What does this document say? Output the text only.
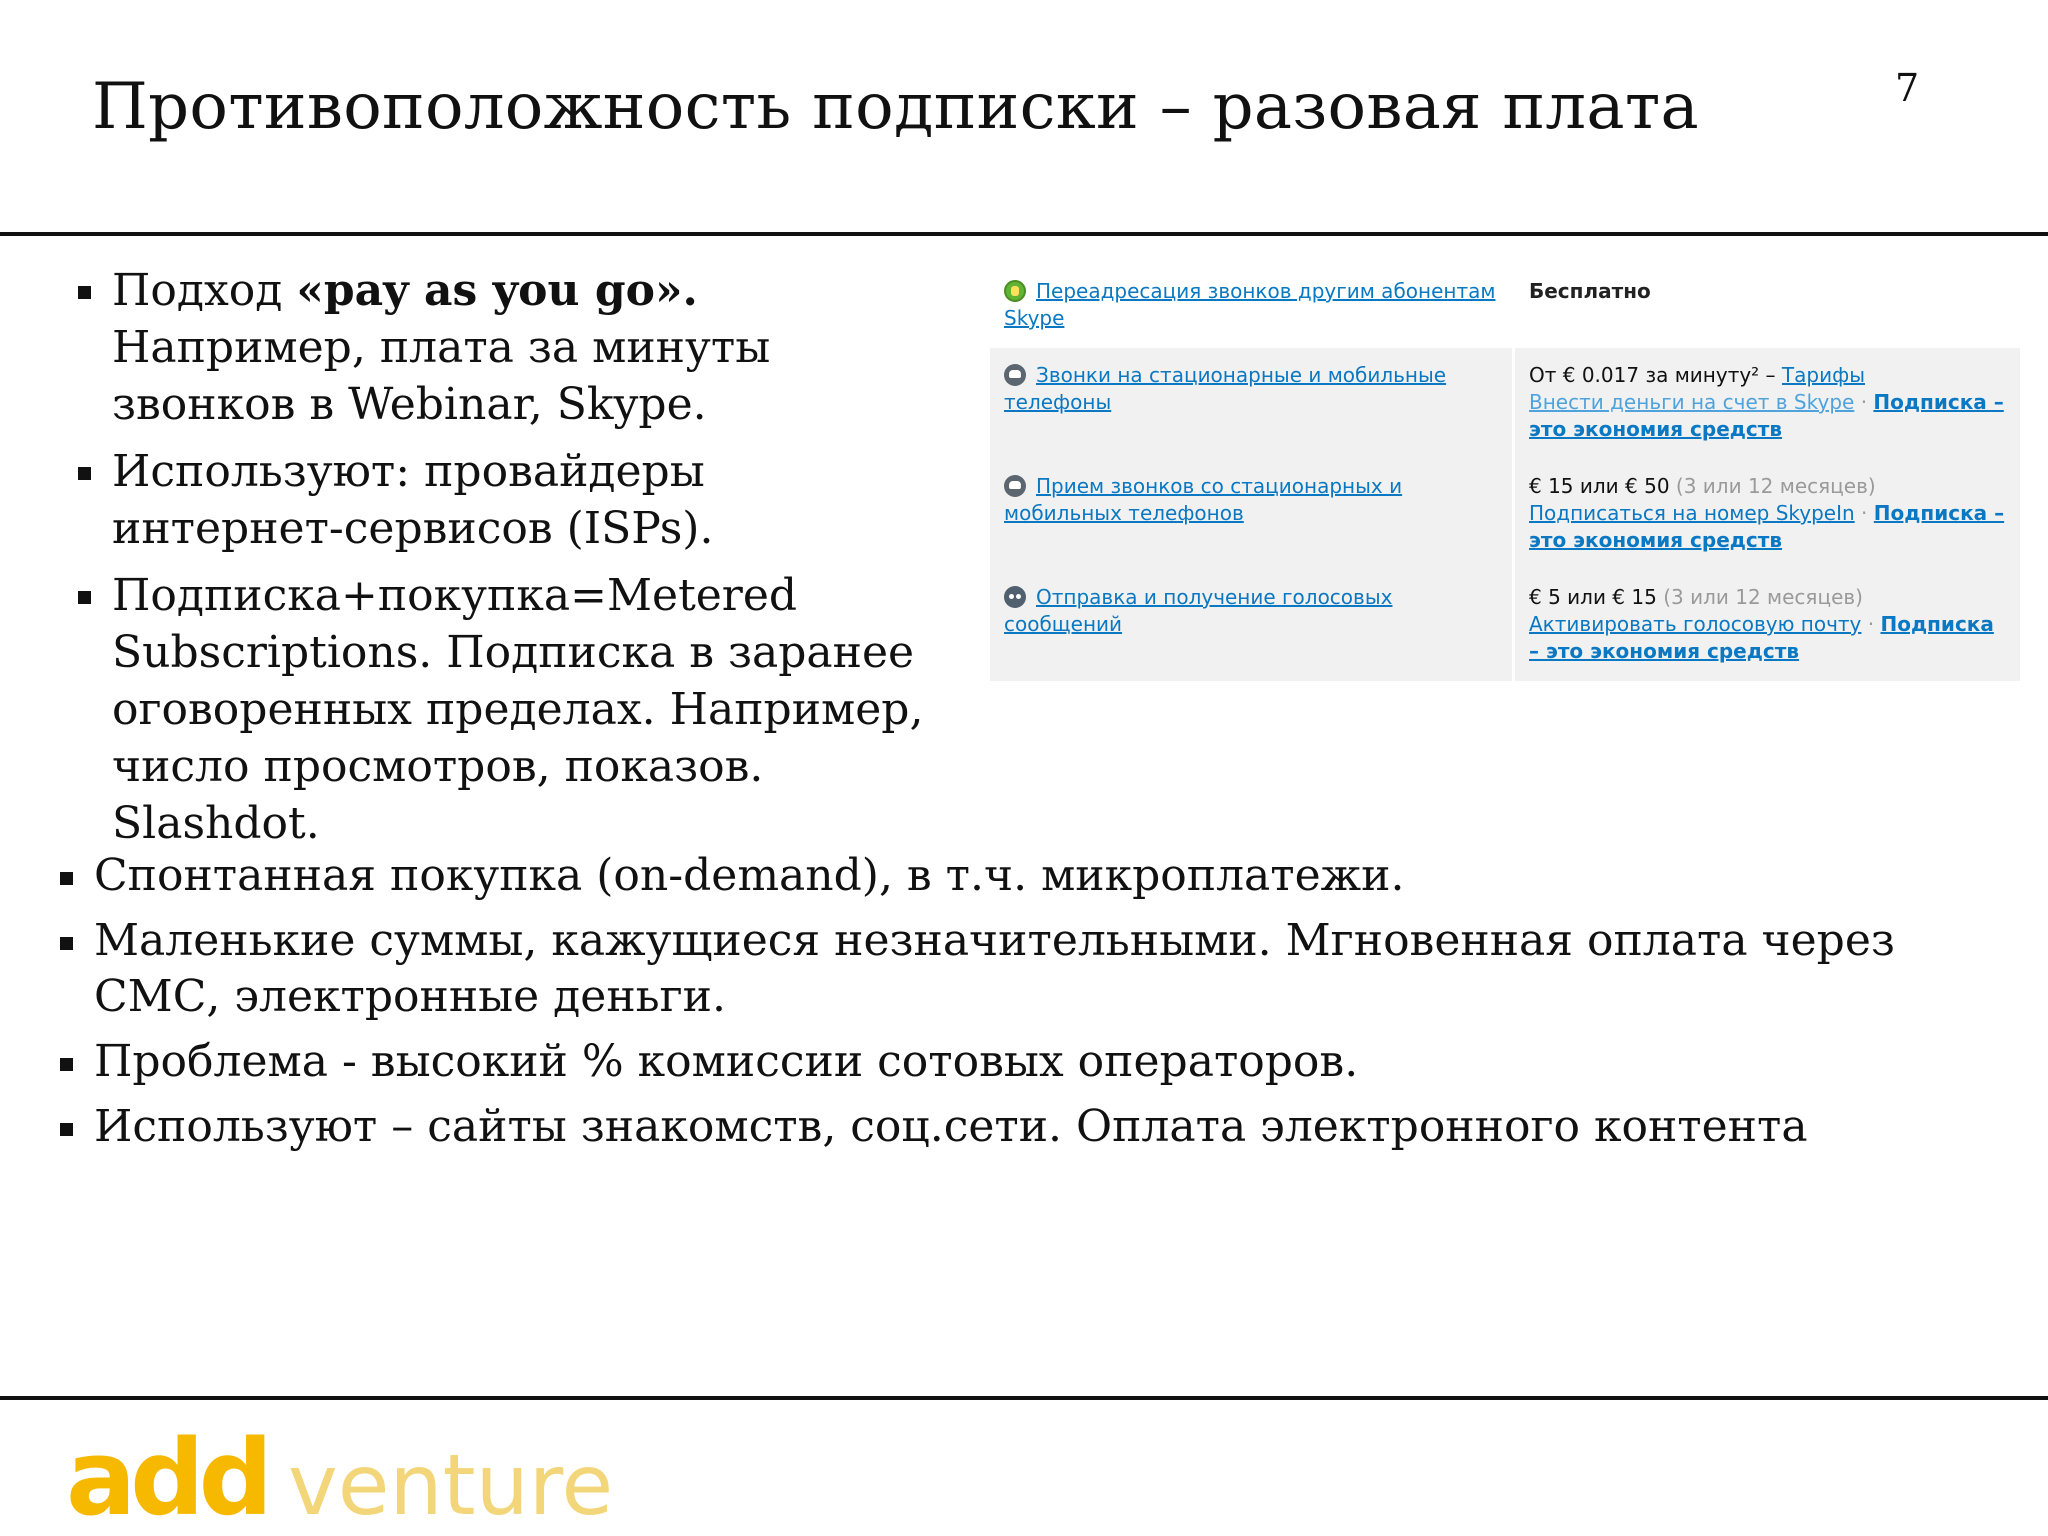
Противоположность подписки – разовая плата	7
Подход «pay as you go». Например, плата за минуты звонков в Webinar, Skype.
Используют: провайдеры интернет-сервисов (ISPs).
Подписка+покупка=Metered Subscriptions. Подписка в заранее оговоренных пределах. Например, число просмотров, показов. Slashdot.
Переадресация звонков другим абонентам Skype	Бесплатно
Звонки на стационарные и мобильные телефоны	От € 0.017 за минуту² – Тарифы
Внести деньги на счет в Skype · Подписка – это экономия средств
Прием звонков со стационарных и мобильных телефонов	€ 15 или € 50 (3 или 12 месяцев)
Подписаться на номер SkypeIn · Подписка – это экономия средств
Отправка и получение голосовых сообщений	€ 5 или € 15 (3 или 12 месяцев)
Активировать голосовую почту · Подписка – это экономия средств
Спонтанная покупка (on-demand), в т.ч. микроплатежи.
Маленькие суммы, кажущиеся незначительными. Мгновенная оплата через СМС, электронные деньги.
Проблема - высокий % комиссии сотовых операторов.
Используют – сайты знакомств, соц.сети. Оплата электронного контента
add venture
